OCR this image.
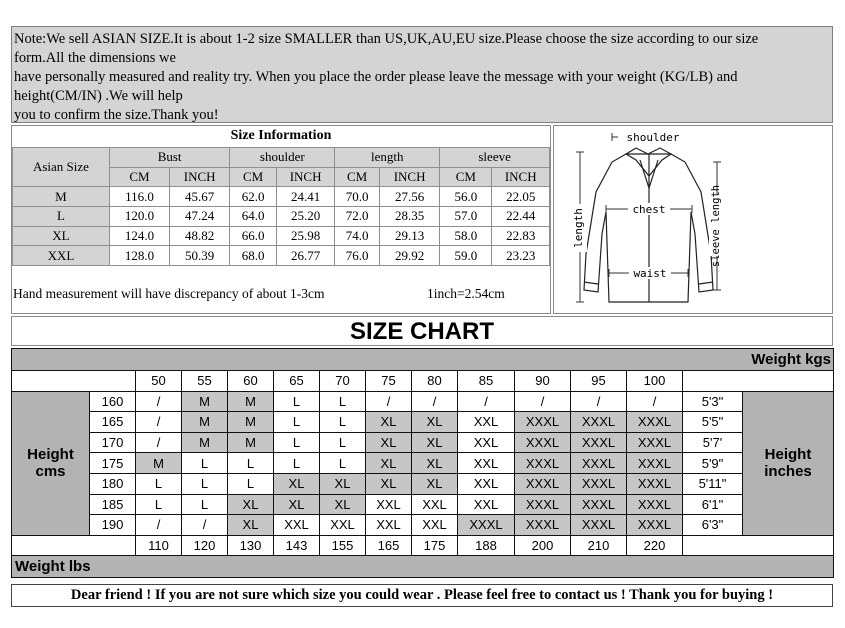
Note:We sell ASIAN SIZE.It is about 1-2 size SMALLER than US,UK,AU,EU size.Please choose the size according to our size
form.All the dimensions we
have personally measured and reality try. When you place the order please leave the message with your weight (KG/LB) and
height(CM/IN) .We will help
you to confirm the size.Thank you!
Size Information
Asian Size	Bust		shoulder		length		sleeve	
	CM	INCH	CM	INCH	CM	INCH	CM	INCH
M	116.0	45.67	62.0	24.41	70.0	27.56	56.0	22.05
L	120.0	47.24	64.0	25.20	72.0	28.35	57.0	22.44
XL	124.0	48.82	66.0	25.98	74.0	29.13	58.0	22.83
XXL	128.0	50.39	68.0	26.77	76.0	29.92	59.0	23.23
Hand measurement will have discrepancy of about 1-3cm	1inch=2.54cm
shoulder
chest
waist
length	sleeve length
SIZE CHART
Weight kgs														
		50	55	60	65	70	75	80	85	90	95	100		
Height cms	160	/	M	M	L	L	/	/	/	/	/	/	5'3"	Height inches
	165	/	M	M	L	L	XL	XL	XXL	XXXL	XXXL	XXXL	5'5"	
	170	/	M	M	L	L	XL	XL	XXL	XXXL	XXXL	XXXL	5'7'	
	175	M	L	L	L	L	XL	XL	XXL	XXXL	XXXL	XXXL	5'9"	
	180	L	L	L	XL	XL	XL	XL	XXL	XXXL	XXXL	XXXL	5'11"	
	185	L	L	XL	XL	XL	XXL	XXL	XXL	XXXL	XXXL	XXXL	6'1"	
	190	/	/	XL	XXL	XXL	XXL	XXL	XXXL	XXXL	XXXL	XXXL	6'3"	
		110	120	130	143	155	165	175	188	200	210	220		
Weight lbs														
Dear friend ! If you are not sure which size you could wear . Please feel free to contact us ! Thank you for buying !
